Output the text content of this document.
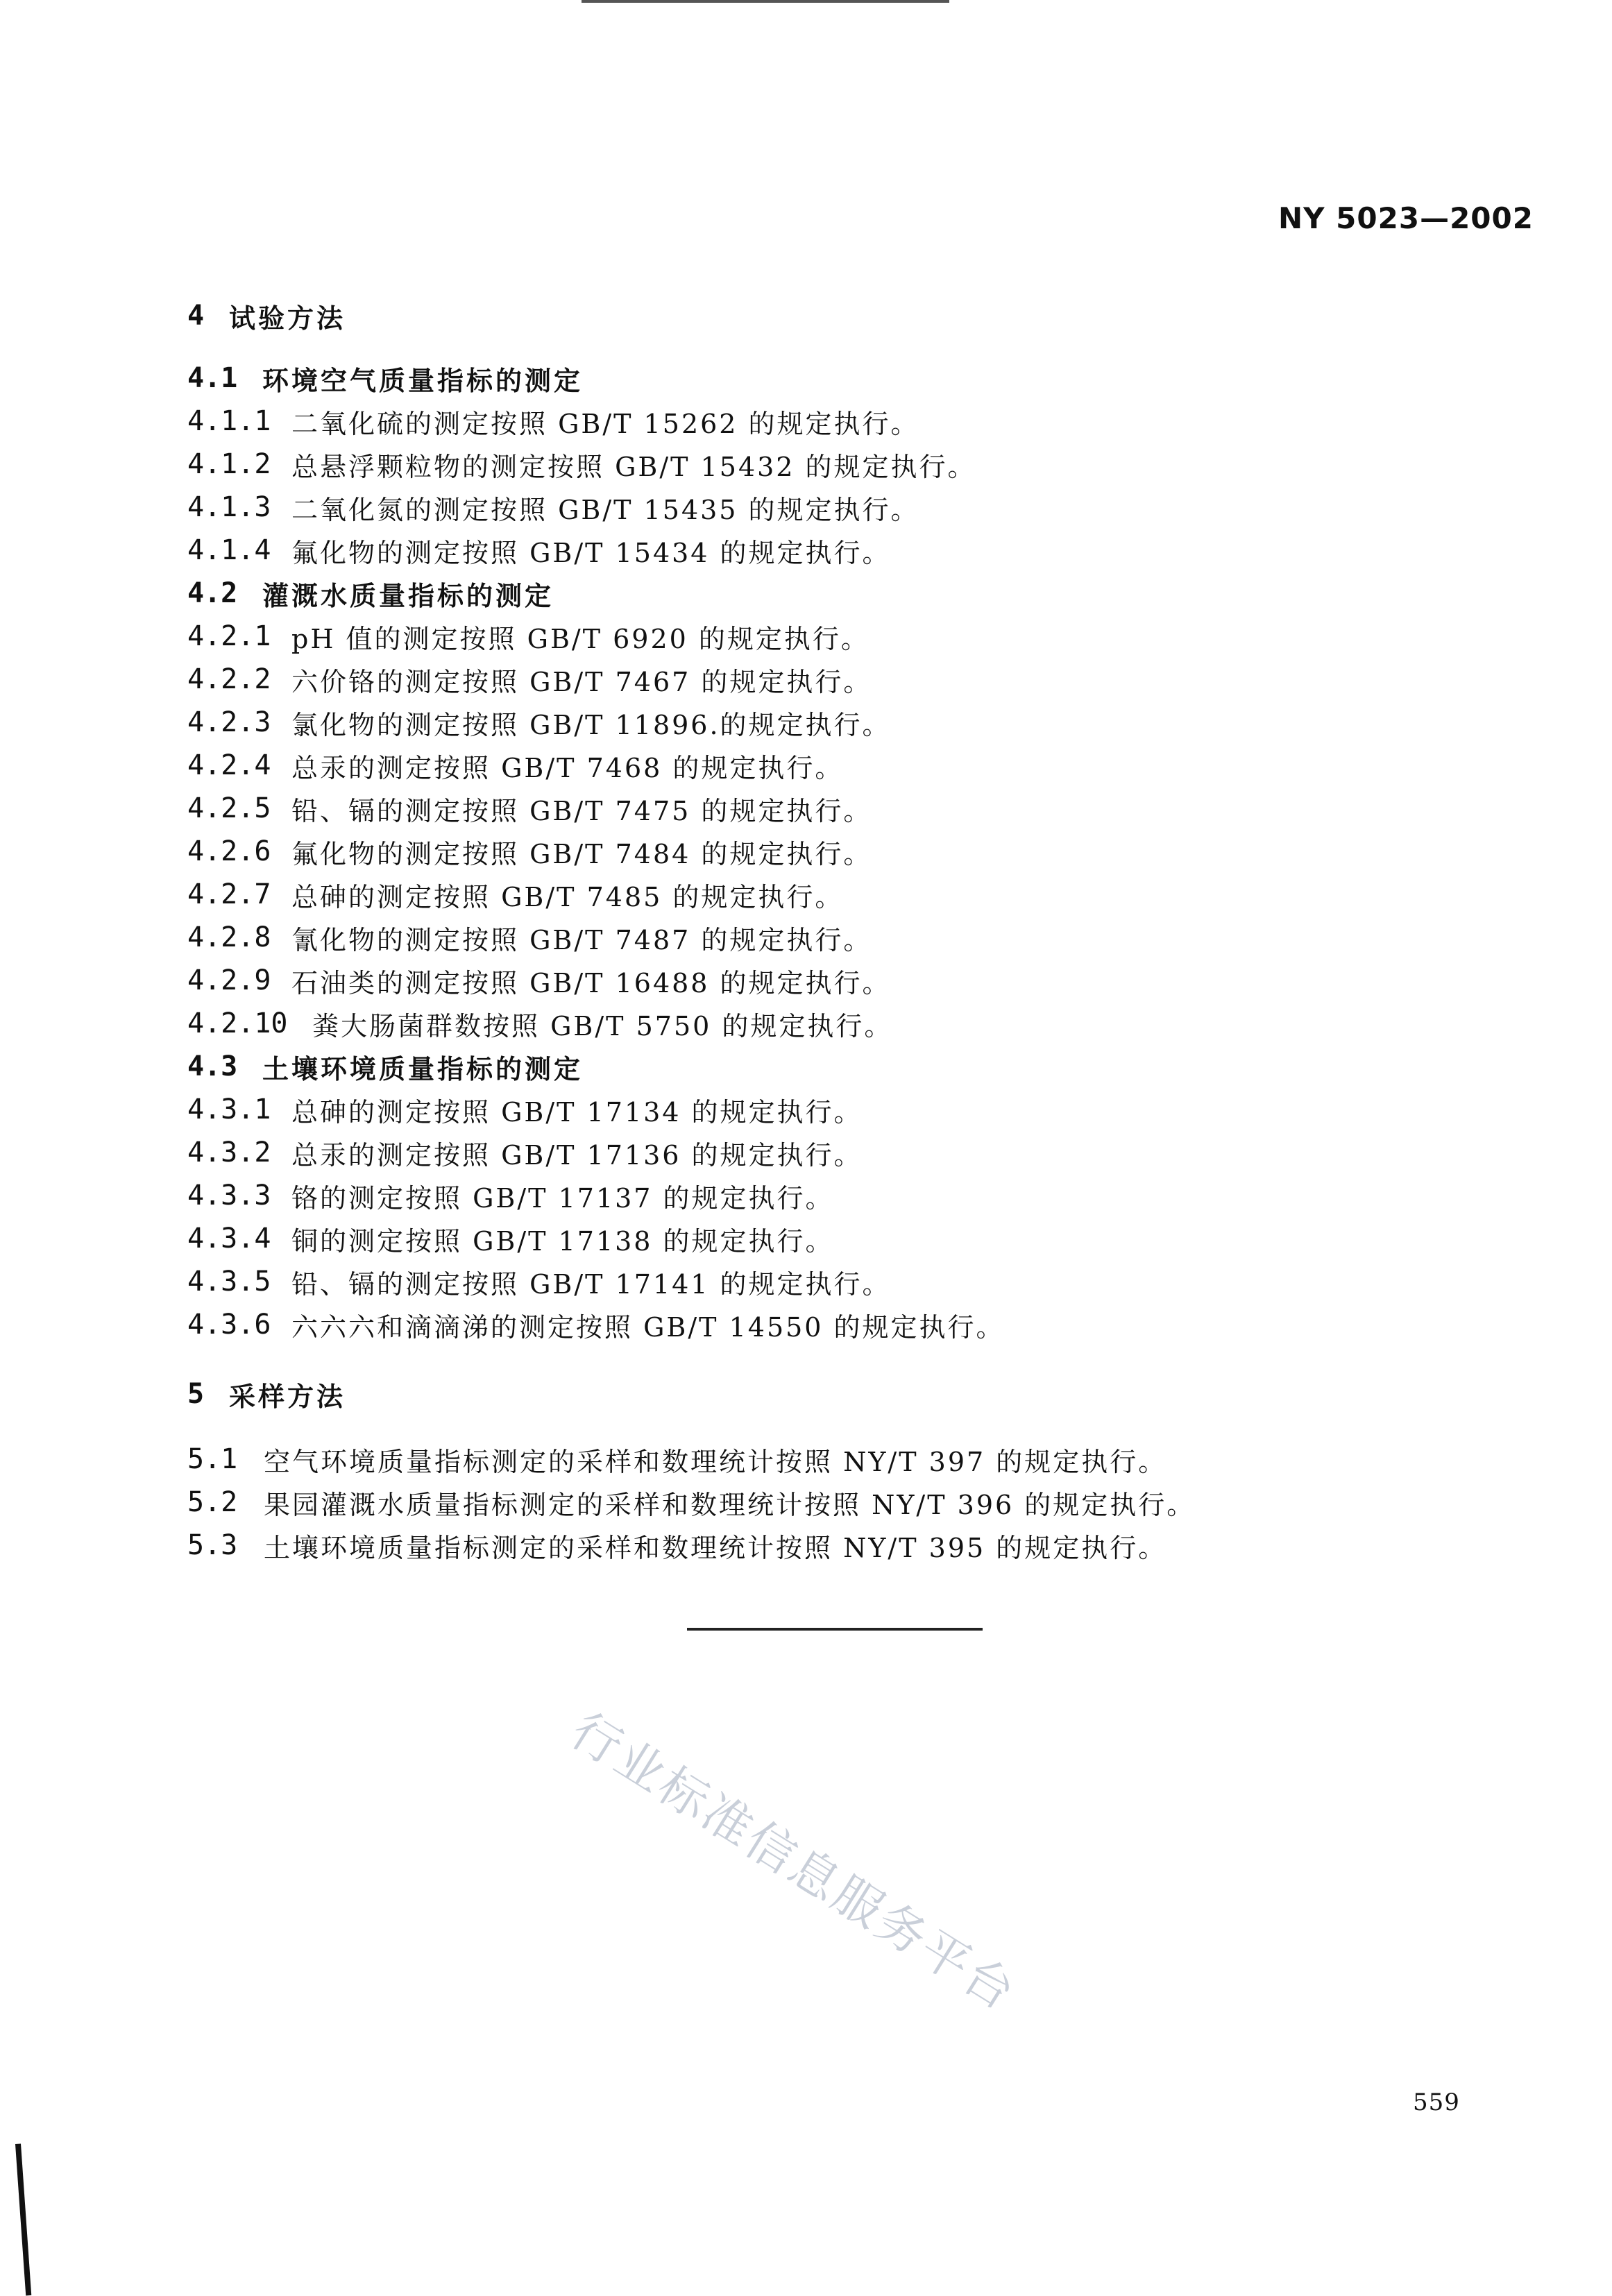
NY 5023—2002
4 试验方法
4.1 环境空气质量指标的测定
4.1.1 二氧化硫的测定按照 GB/T 15262 的规定执行。
4.1.2 总悬浮颗粒物的测定按照 GB/T 15432 的规定执行。
4.1.3 二氧化氮的测定按照 GB/T 15435 的规定执行。
4.1.4 氟化物的测定按照 GB/T 15434 的规定执行。
4.2 灌溉水质量指标的测定
4.2.1 pH 值的测定按照 GB/T 6920 的规定执行。
4.2.2 六价铬的测定按照 GB/T 7467 的规定执行。
4.2.3 氯化物的测定按照 GB/T 11896.的规定执行。
4.2.4 总汞的测定按照 GB/T 7468 的规定执行。
4.2.5 铅、镉的测定按照 GB/T 7475 的规定执行。
4.2.6 氟化物的测定按照 GB/T 7484 的规定执行。
4.2.7 总砷的测定按照 GB/T 7485 的规定执行。
4.2.8 氰化物的测定按照 GB/T 7487 的规定执行。
4.2.9 石油类的测定按照 GB/T 16488 的规定执行。
4.2.10 粪大肠菌群数按照 GB/T 5750 的规定执行。
4.3 土壤环境质量指标的测定
4.3.1 总砷的测定按照 GB/T 17134 的规定执行。
4.3.2 总汞的测定按照 GB/T 17136 的规定执行。
4.3.3 铬的测定按照 GB/T 17137 的规定执行。
4.3.4 铜的测定按照 GB/T 17138 的规定执行。
4.3.5 铅、镉的测定按照 GB/T 17141 的规定执行。
4.3.6 六六六和滴滴涕的测定按照 GB/T 14550 的规定执行。
5 采样方法
5.1 空气环境质量指标测定的采样和数理统计按照 NY/T 397 的规定执行。
5.2 果园灌溉水质量指标测定的采样和数理统计按照 NY/T 396 的规定执行。
5.3 土壤环境质量指标测定的采样和数理统计按照 NY/T 395 的规定执行。
行业标准信息服务平台
559
